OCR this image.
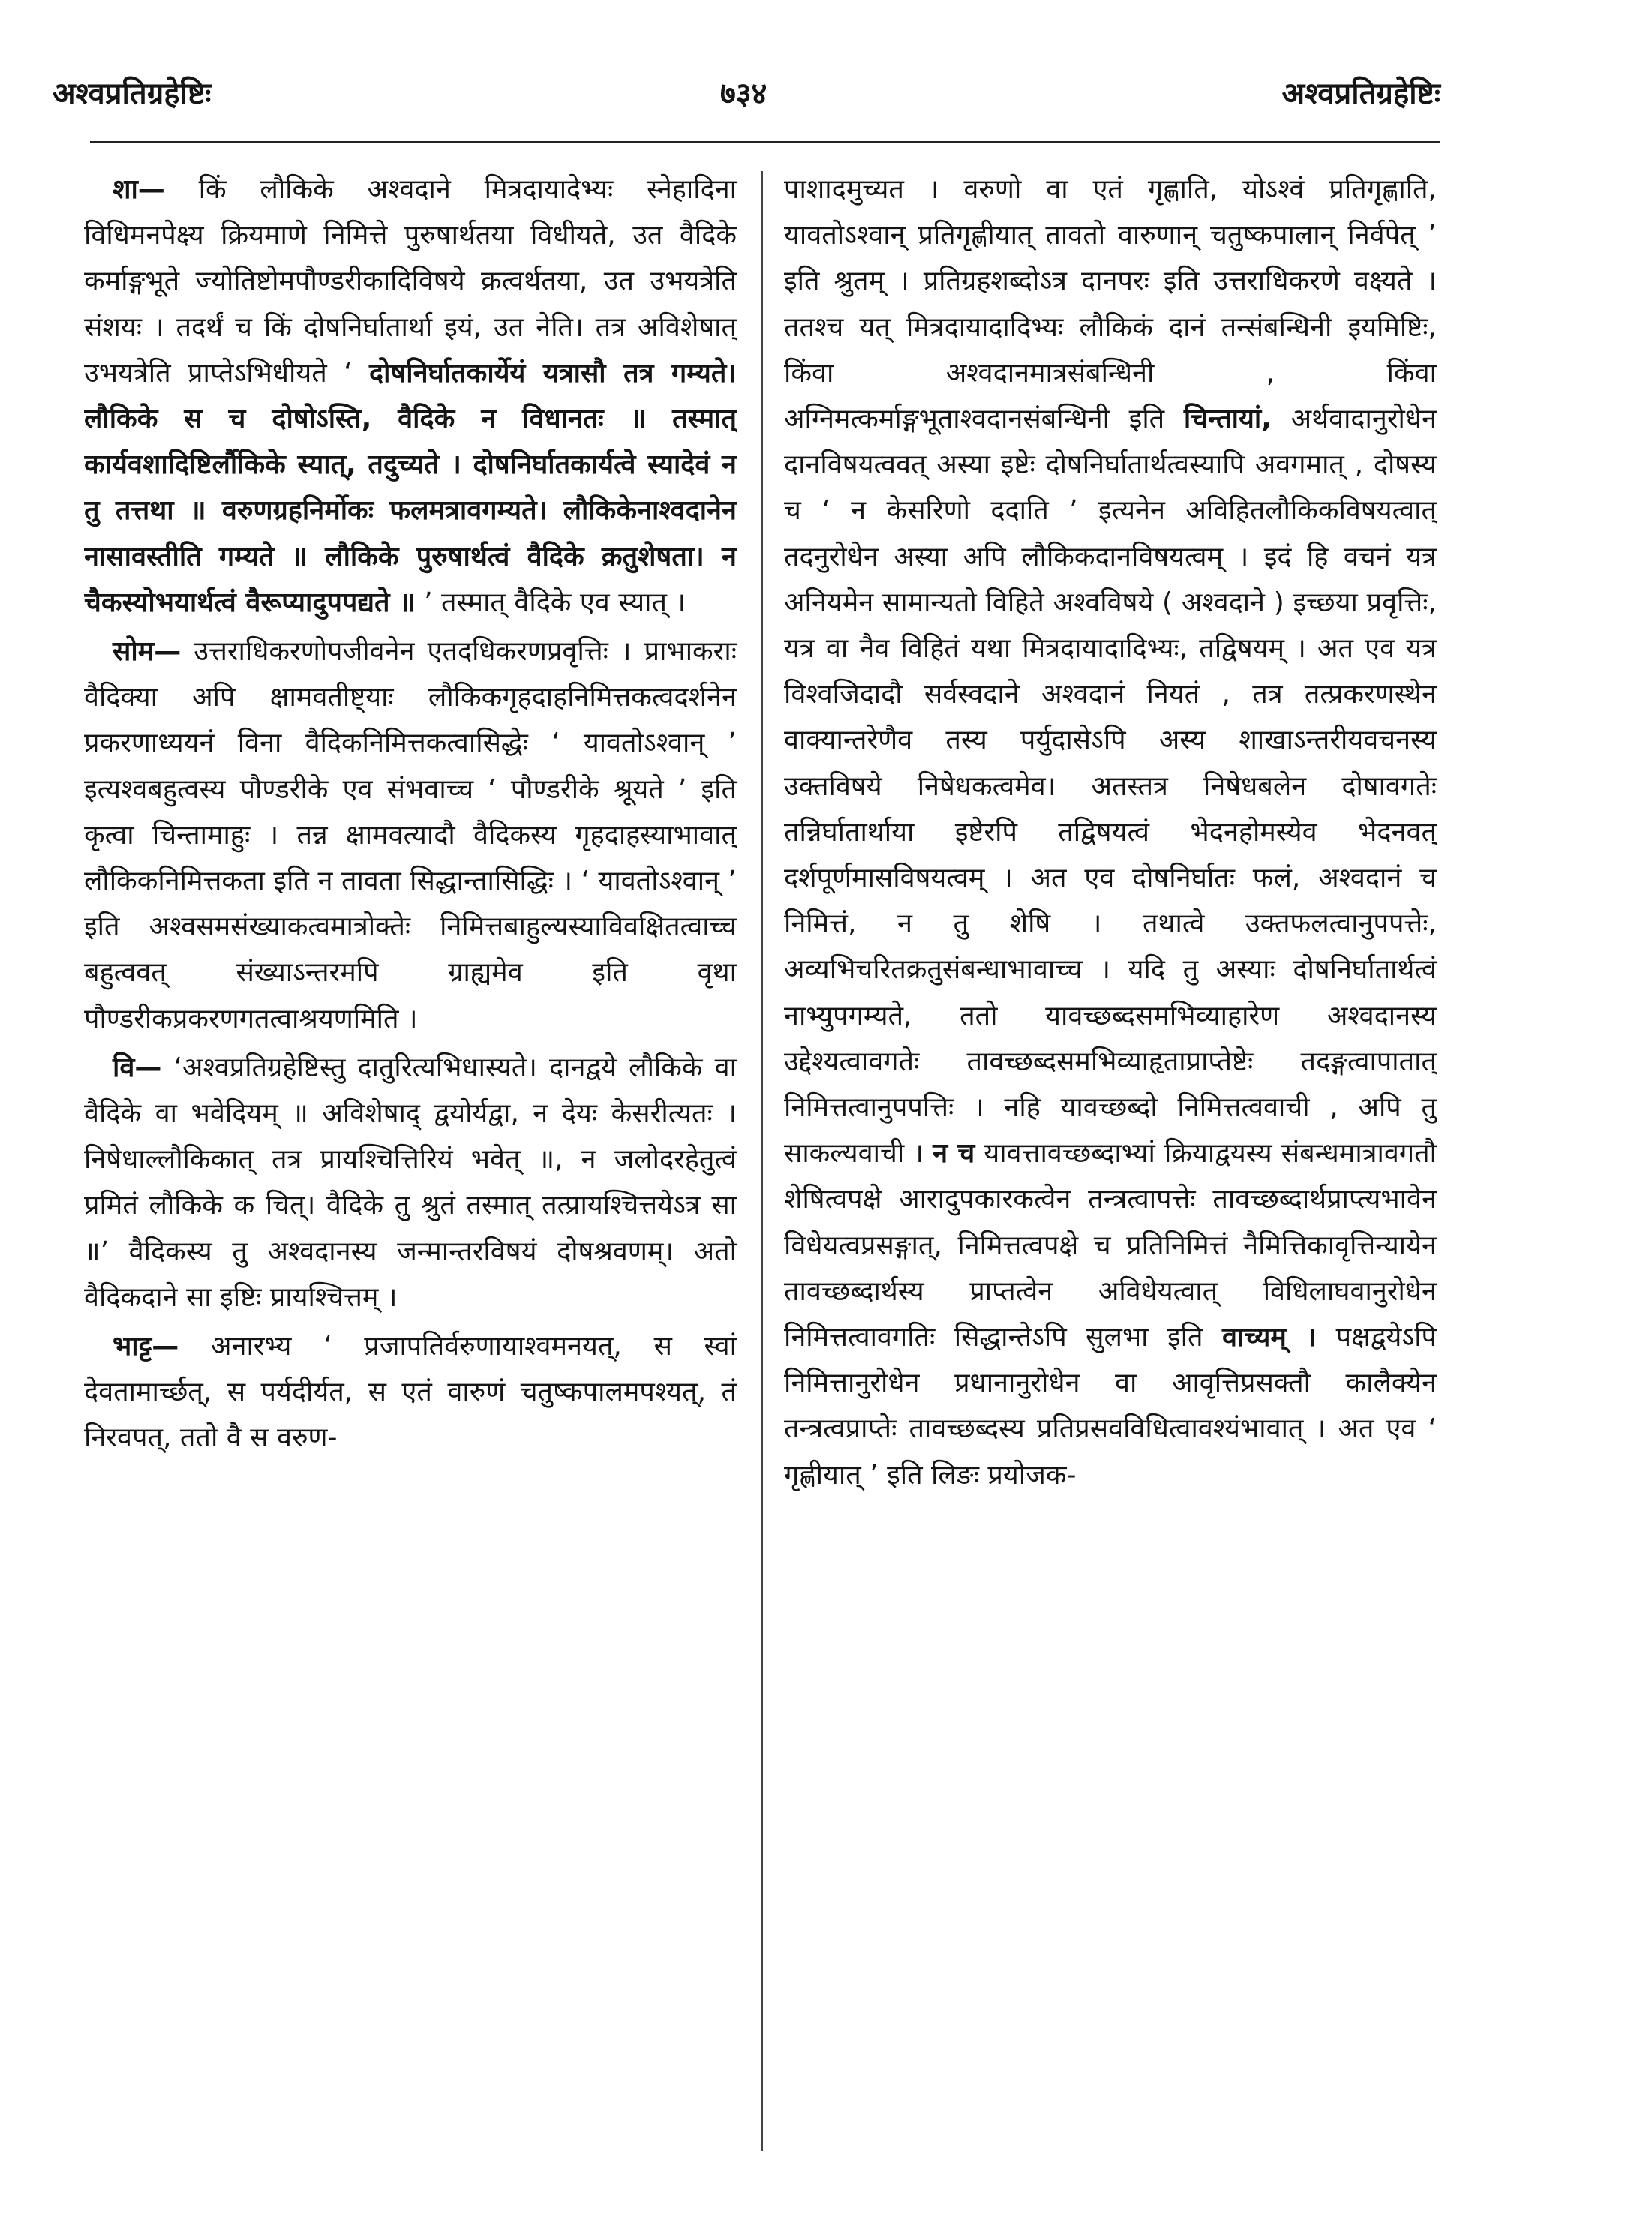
अश्वप्रतिग्रहेष्टिः	७३४	अश्वप्रतिग्रहेष्टिः

शा— किं लौकिके अश्वदाने मित्रदायादेभ्यः स्नेहादिना विधिमनपेक्ष्य क्रियमाणे निमित्ते पुरुषार्थतया विधीयते, उत वैदिके कर्माङ्गभूते ज्योतिष्टोमपौण्डरीकादिविषये क्रत्वर्थतया, उत उभयत्रेति संशयः । तदर्थं च किं दोषनिर्घातार्था इयं, उत नेति। तत्र अविशेषात् उभयत्रेति प्राप्तेऽभिधीयते ‘ दोषनिर्घातकार्येयं यत्रासौ तत्र गम्यते। लौकिके स च दोषोऽस्ति, वैदिके न विधानतः ॥ तस्मात् कार्यवशादिष्टिर्लौकिके स्यात्, तदुच्यते । दोषनिर्घातकार्यत्वे स्यादेवं न तु तत्तथा ॥ वरुणग्रहनिर्मोकः फलमत्रावगम्यते। लौकिकेनाश्वदानेन नासावस्तीति गम्यते ॥ लौकिके पुरुषार्थत्वं वैदिके क्रतुशेषता। न चैकस्योभयार्थत्वं वैरूप्यादुपपद्यते ॥ ’ तस्मात् वैदिके एव स्यात् ।

सोम— उत्तराधिकरणोपजीवनेन एतदधिकरणप्रवृत्तिः । प्राभाकराः वैदिक्या अपि क्षामवतीष्ट्याः लौकिकगृहदाहनिमित्तकत्वदर्शनेन प्रकरणाध्ययनं विना वैदिकनिमित्तकत्वासिद्धेः ‘ यावतोऽश्वान् ’ इत्यश्वबहुत्वस्य पौण्डरीके एव संभवाच्च ‘ पौण्डरीके श्रूयते ’ इति कृत्वा चिन्तामाहुः । तन्न क्षामवत्यादौ वैदिकस्य गृहदाहस्याभावात् लौकिकनिमित्तकता इति न तावता सिद्धान्तासिद्धिः । ‘ यावतोऽश्वान् ’ इति अश्वसमसंख्याकत्वमात्रोक्तेः निमित्तबाहुल्यस्याविवक्षितत्वाच्च बहुत्ववत् संख्याऽन्तरमपि ग्राह्यमेव इति वृथा पौण्डरीकप्रकरणगतत्वाश्रयणमिति ।

वि— ‘अश्वप्रतिग्रहेष्टिस्तु दातुरित्यभिधास्यते। दानद्वये लौकिके वा वैदिके वा भवेदियम् ॥ अविशेषाद् द्वयोर्यद्वा, न देयः केसरीत्यतः । निषेधाल्लौकिकात् तत्र प्रायश्चित्तिरियं भवेत् ॥, न जलोदरहेतुत्वं प्रमितं लौकिके क चित्। वैदिके तु श्रुतं तस्मात् तत्प्रायश्चित्तयेऽत्र सा ॥’ वैदिकस्य तु अश्वदानस्य जन्मान्तरविषयं दोषश्रवणम्। अतो वैदिकदाने सा इष्टिः प्रायश्चित्तम् ।

भाट्ट— अनारभ्य ‘ प्रजापतिर्वरुणायाश्वमनयत्, स स्वां देवतामार्च्छत्, स पर्यदीर्यत, स एतं वारुणं चतुष्कपालमपश्यत्, तं निरवपत्, ततो वै स वरुण-

पाशादमुच्यत । वरुणो वा एतं गृह्णाति, योऽश्वं प्रतिगृह्णाति, यावतोऽश्वान् प्रतिगृह्णीयात् तावतो वारुणान् चतुष्कपालान् निर्वपेत् ’ इति श्रुतम् । प्रतिग्रहशब्दोऽत्र दानपरः इति उत्तराधिकरणे वक्ष्यते । ततश्च यत् मित्रदायादादिभ्यः लौकिकं दानं तन्संबन्धिनी इयमिष्टिः, किंवा अश्वदानमात्रसंबन्धिनी , किंवा अग्निमत्कर्माङ्गभूताश्वदानसंबन्धिनी इति चिन्तायां, अर्थवादानुरोधेन दानविषयत्ववत् अस्या इष्टेः दोषनिर्घातार्थत्वस्यापि अवगमात् , दोषस्य च ‘ न केसरिणो ददाति ’ इत्यनेन अविहितलौकिकविषयत्वात् तदनुरोधेन अस्या अपि लौकिकदानविषयत्वम् । इदं हि वचनं यत्र अनियमेन सामान्यतो विहिते अश्वविषये ( अश्वदाने ) इच्छया प्रवृत्तिः, यत्र वा नैव विहितं यथा मित्रदायादादिभ्यः, तद्विषयम् । अत एव यत्र विश्वजिदादौ सर्वस्वदाने अश्वदानं नियतं , तत्र तत्प्रकरणस्थेन वाक्यान्तरेणैव तस्य पर्युदासेऽपि अस्य शाखाऽन्तरीयवचनस्य उक्तविषये निषेधकत्वमेव। अतस्तत्र निषेधबलेन दोषावगतेः तन्निर्घातार्थाया इष्टेरपि तद्विषयत्वं भेदनहोमस्येव भेदनवत् दर्शपूर्णमासविषयत्वम् । अत एव दोषनिर्घातः फलं, अश्वदानं च निमित्तं, न तु शेषि । तथात्वे उक्तफलत्वानुपपत्तेः, अव्यभिचरितक्रतुसंबन्धाभावाच्च । यदि तु अस्याः दोषनिर्घातार्थत्वं नाभ्युपगम्यते, ततो यावच्छब्दसमभिव्याहारेण अश्वदानस्य उद्देश्यत्वावगतेः तावच्छब्दसमभिव्याहृताप्राप्तेष्टेः तदङ्गत्वापातात् निमित्तत्वानुपपत्तिः । नहि यावच्छब्दो निमित्तत्ववाची , अपि तु साकल्यवाची । न च यावत्तावच्छब्दाभ्यां क्रियाद्वयस्य संबन्धमात्रावगतौ शेषित्वपक्षे आरादुपकारकत्वेन तन्त्रत्वापत्तेः तावच्छब्दार्थप्राप्त्यभावेन विधेयत्वप्रसङ्गात्, निमित्तत्वपक्षे च प्रतिनिमित्तं नैमित्तिकावृत्तिन्यायेन तावच्छब्दार्थस्य प्राप्तत्वेन अविधेयत्वात् विधिलाघवानुरोधेन निमित्तत्वावगतिः सिद्धान्तेऽपि सुलभा इति वाच्यम् । पक्षद्वयेऽपि निमित्तानुरोधेन प्रधानानुरोधेन वा आवृत्तिप्रसक्तौ कालैक्येन तन्त्रत्वप्राप्तेः तावच्छब्दस्य प्रतिप्रसवविधित्वावश्यंभावात् । अत एव ‘ गृह्णीयात् ’ इति लिङः प्रयोजक-
